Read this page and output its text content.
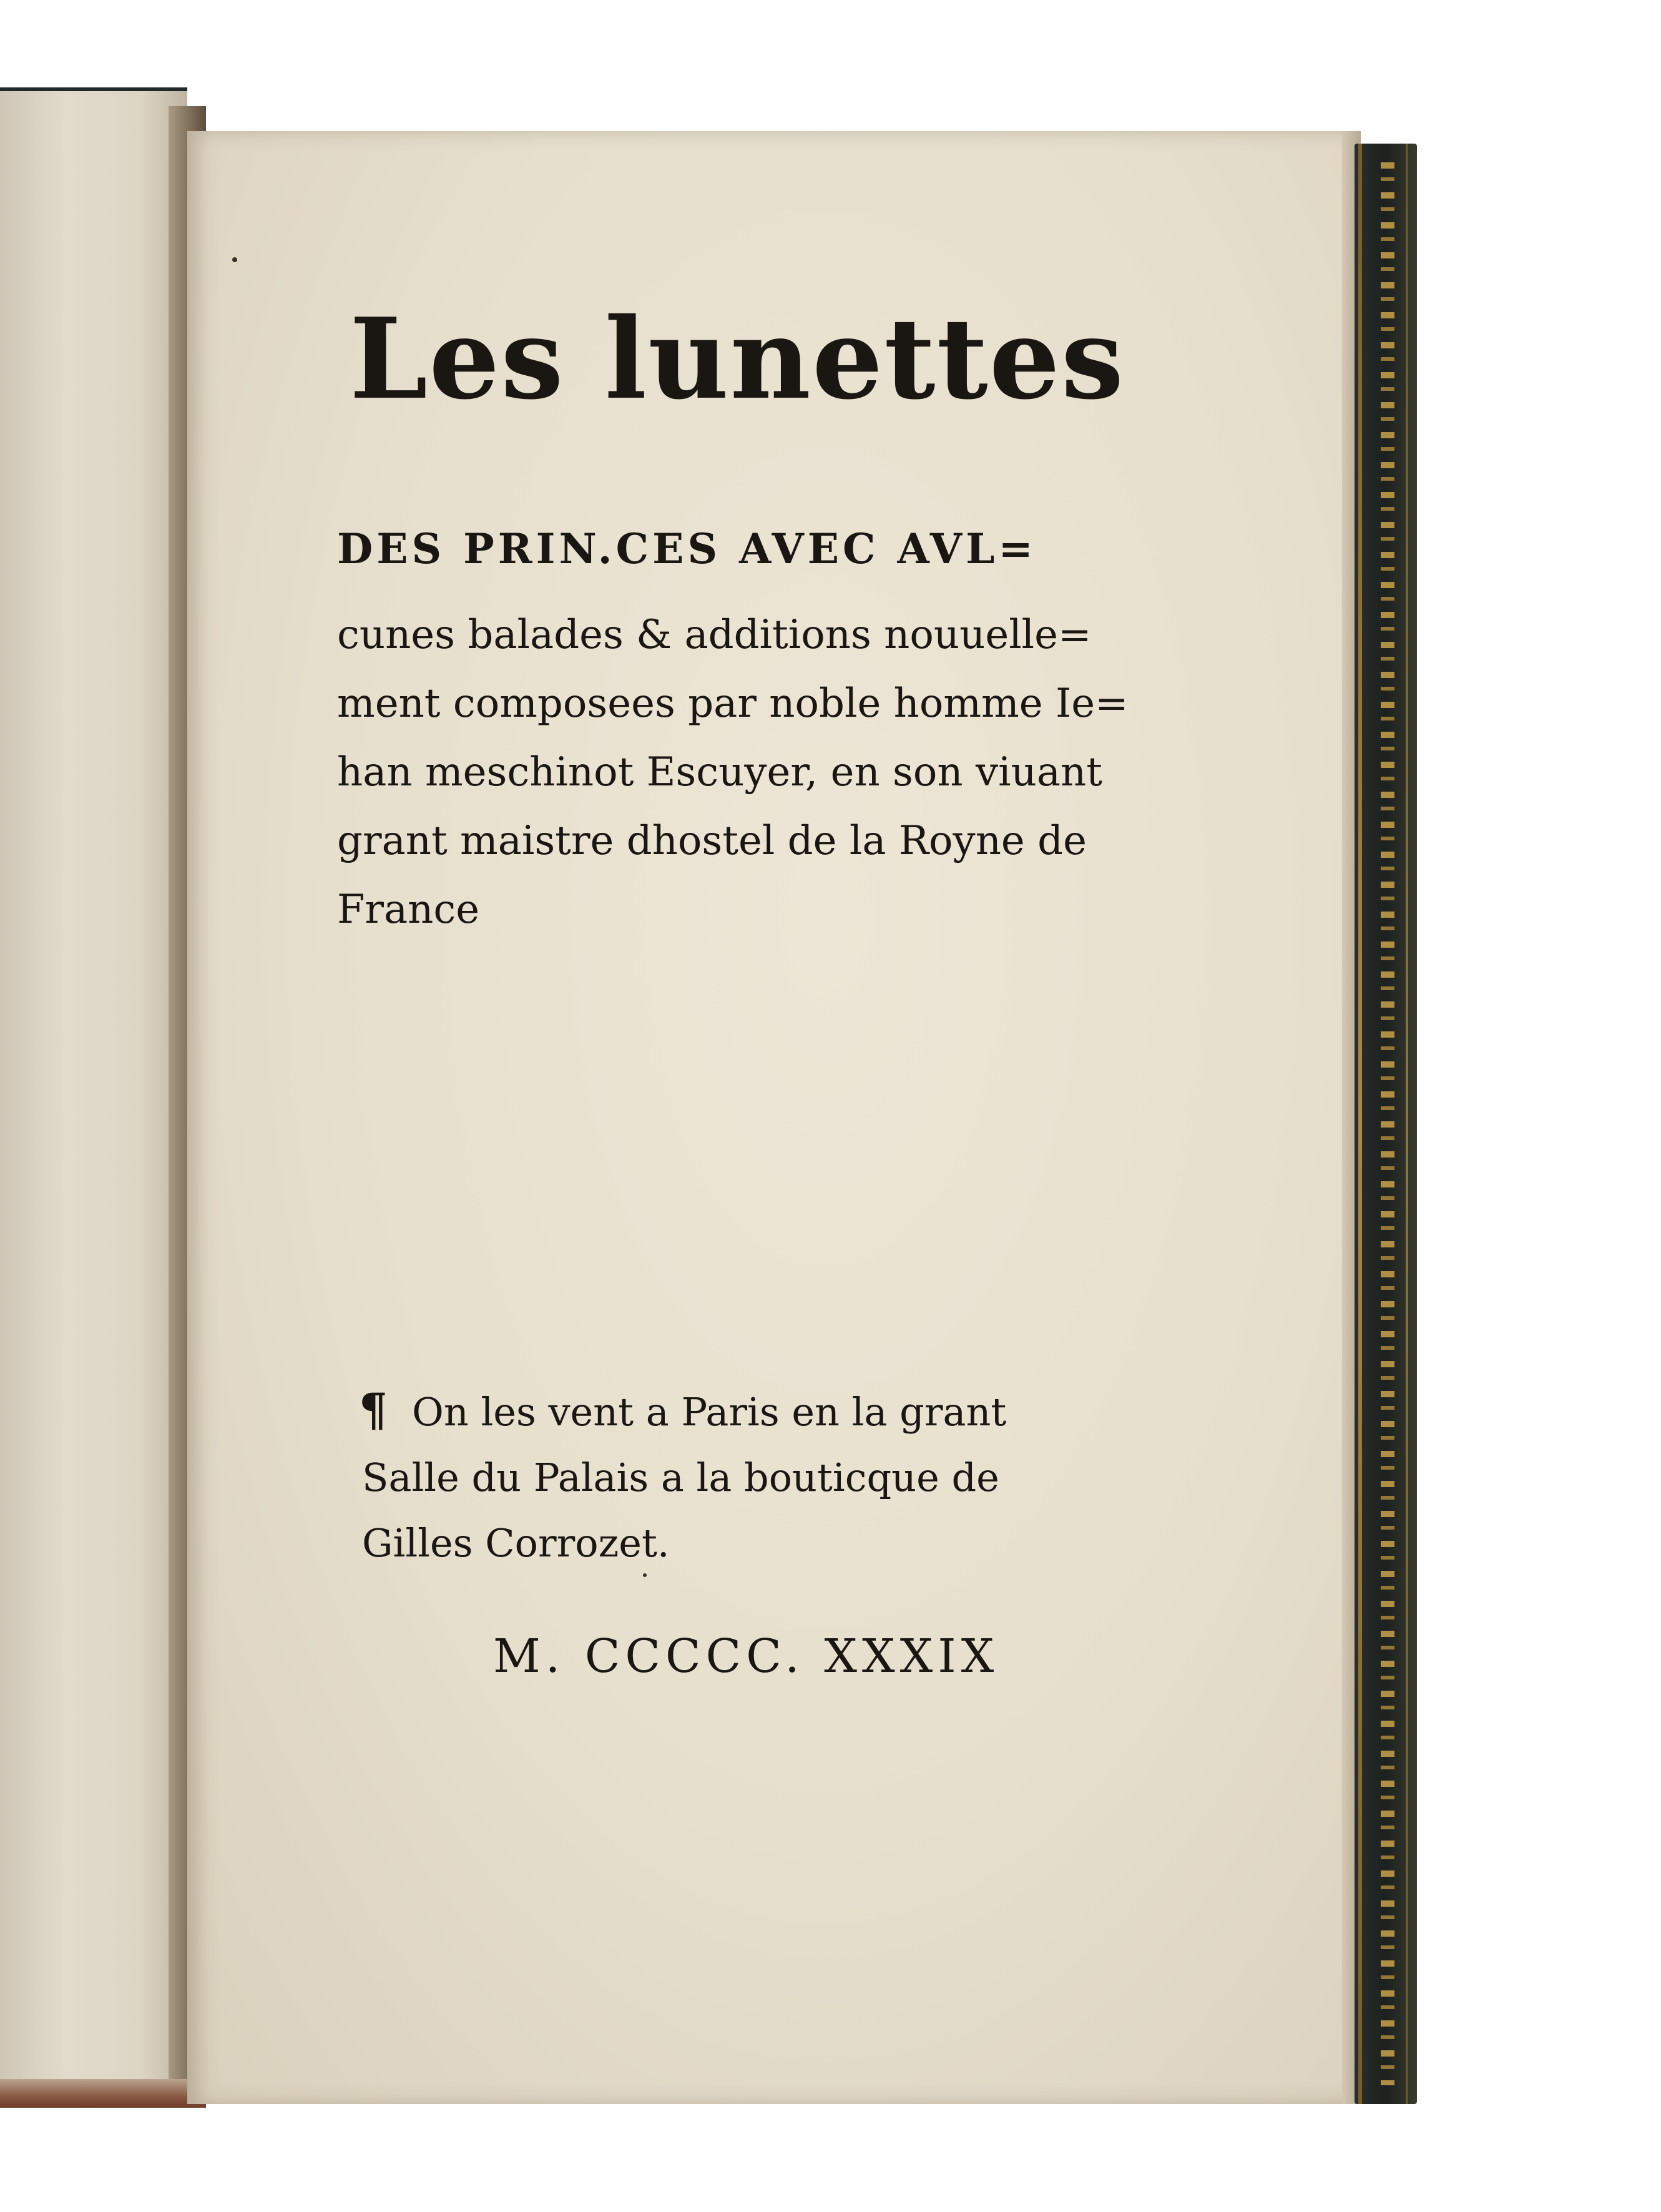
Les lunettes

DES PRIN.CES AVEC AVL=

cunes balades & additions nouuelle=

ment composees par noble homme Ie=

han meschinot Escuyer, en son viuant

grant maistre dhostel de la Royne de

France

¶ On les vent a Paris en la grant

Salle du Palais a la bouticque de

Gilles Corrozet.

M. CCCCC. XXXIX
